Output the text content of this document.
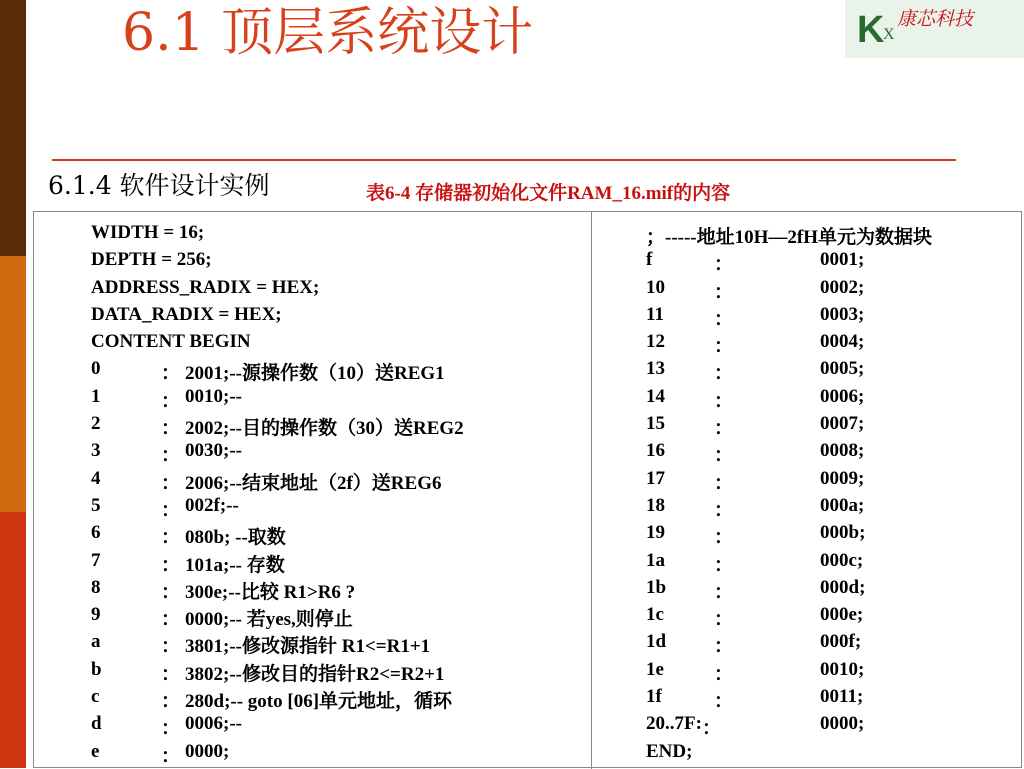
6.1 顶层系统设计	K
X
康芯科技
6.1.4 软件设计实例	表6-4 存储器初始化文件RAM_16.mif的内容
WIDTH = 16;
DEPTH = 256;
ADDRESS_RADIX = HEX;
DATA_RADIX = HEX;
CONTENT BEGIN
0	： 2001;--源操作数（10）送REG1
1	： 0010;--
2	： 2002;--目的操作数（30）送REG2
3	： 0030;--
4	： 2006;--结束地址（2f）送REG6
5	： 002f;--
6	： 080b; --取数
7	： 101a;-- 存数
8	： 300e;--比较 R1>R6 ?
9	： 0000;-- 若yes,则停止
a	： 3801;--修改源指针 R1<=R1+1
b	： 3802;--修改目的指针R2<=R2+1
c	： 280d;-- goto [06]单元地址，循环
d	： 0006;--
e	： 0000;
；-----地址10H—2fH单元为数据块
f	：	0001;
10	：	0002;
11	：	0003;
12	：	0004;
13	：	0005;
14	：	0006;
15	：	0007;
16	：	0008;
17	：	0009;
18	：	000a;
19	：	000b;
1a	：	000c;
1b	：	000d;
1c	：	000e;
1d	：	000f;
1e	：	0010;
1f	：	0011;
20..7F: ：	0000;
END;
